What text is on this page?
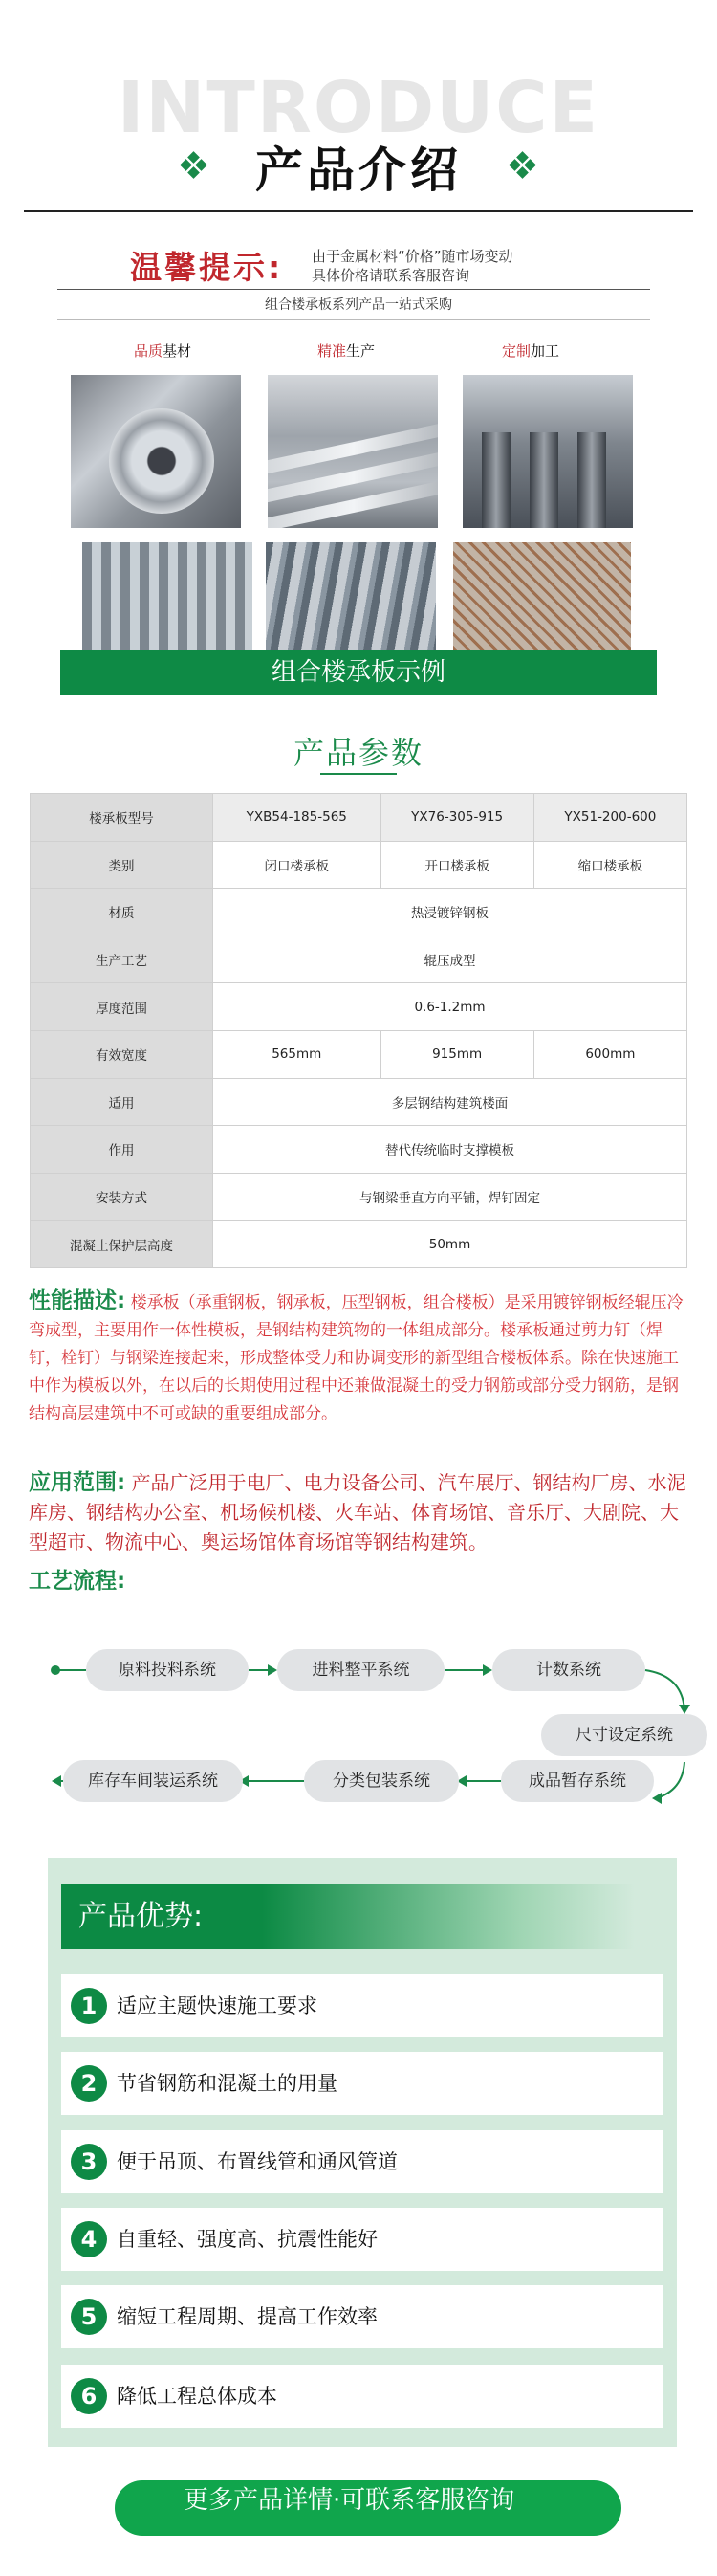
INTRODUCE
产品介绍
温馨提示: 由于金属材料“价格”随市场变动
具体价格请联系客服咨询
组合楼承板系列产品一站式采购
品质基材	精准生产	定制加工
组合楼承板示例
产品参数
楼承板型号	YXB54-185-565	YX76-305-915	YX51-200-600
类别	闭口楼承板	开口楼承板	缩口楼承板
材质	热浸镀锌钢板		
生产工艺	辊压成型		
厚度范围	0.6-1.2mm		
有效宽度	565mm	915mm	600mm
适用	多层钢结构建筑楼面		
作用	替代传统临时支撑模板		
安装方式	与钢梁垂直方向平铺，焊钉固定		
混凝土保护层高度	50mm		
性能描述: 楼承板（承重钢板，钢承板，压型钢板，组合楼板）是采用镀锌钢板经辊压冷弯成型，主要用作一体性模板，是钢结构建筑物的一体组成部分。楼承板通过剪力钉（焊钉，栓钉）与钢梁连接起来，形成整体受力和协调变形的新型组合楼板体系。除在快速施工中作为模板以外，在以后的长期使用过程中还兼做混凝土的受力钢筋或部分受力钢筋，是钢结构高层建筑中不可或缺的重要组成部分。
应用范围: 产品广泛用于电厂、电力设备公司、汽车展厅、钢结构厂房、水泥库房、钢结构办公室、机场候机楼、火车站、体育场馆、音乐厅、大剧院、大型超市、物流中心、奥运场馆体育场馆等钢结构建筑。
工艺流程:
原料投料系统	进料整平系统	计数系统
尺寸设定系统
成品暂存系统
分类包装系统
库存车间装运系统
产品优势:
1 适应主题快速施工要求
2 节省钢筋和混凝土的用量
3 便于吊顶、布置线管和通风管道
4 自重轻、强度高、抗震性能好
5 缩短工程周期、提高工作效率
6 降低工程总体成本
更多产品详情·可联系客服咨询
